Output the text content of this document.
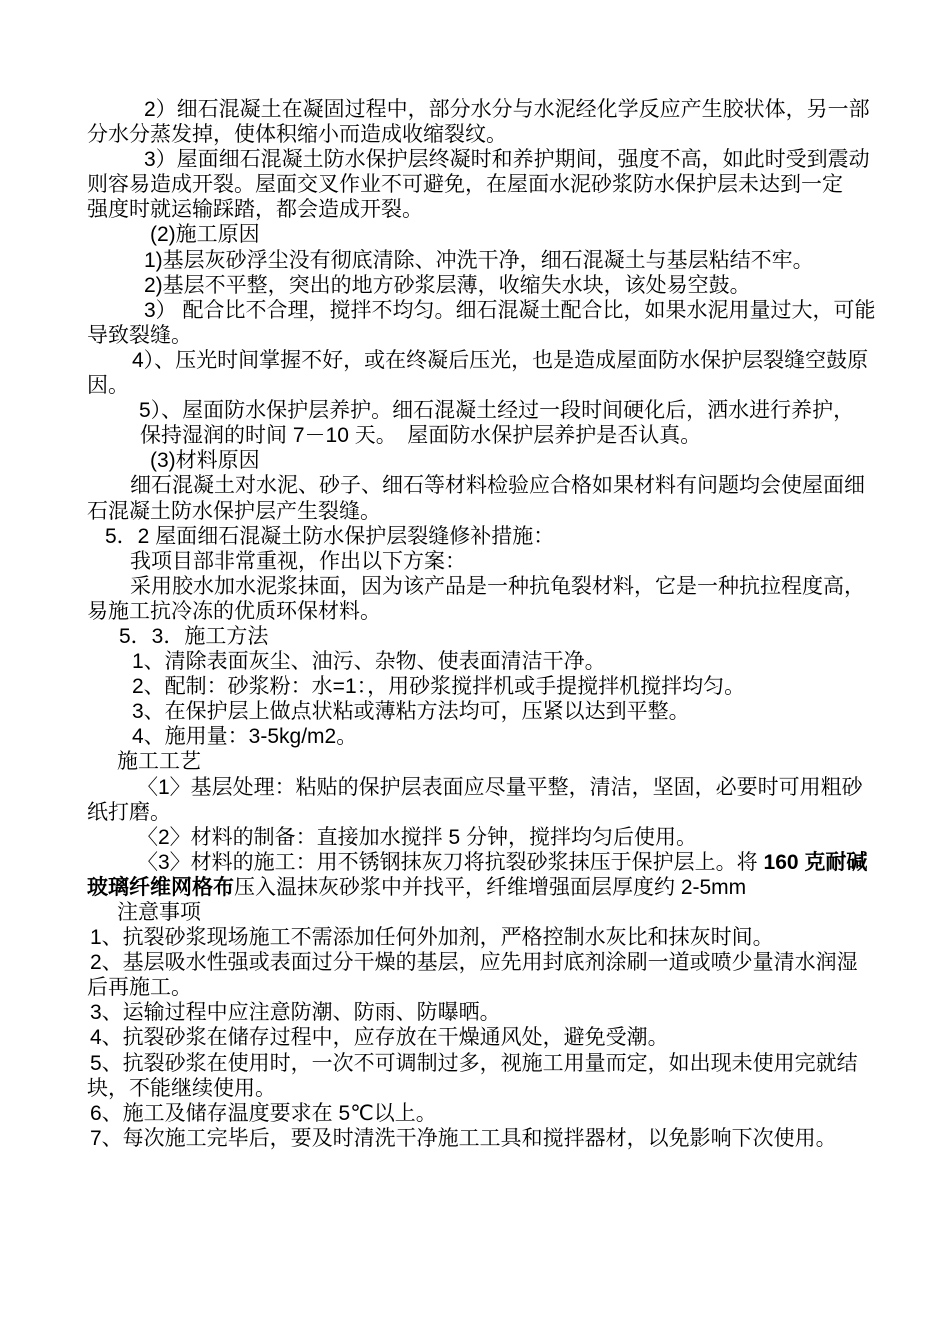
2）细石混凝土在凝固过程中，部分水分与水泥经化学反应产生胶状体，另一部
分水分蒸发掉，使体积缩小而造成收缩裂纹。
3）屋面细石混凝土防水保护层终凝时和养护期间，强度不高，如此时受到震动
则容易造成开裂。屋面交叉作业不可避免，在屋面水泥砂浆防水保护层未达到一定
强度时就运输踩踏，都会造成开裂。
(2)施工原因
1)基层灰砂浮尘没有彻底清除、冲洗干净，细石混凝土与基层粘结不牢。
2)基层不平整，突出的地方砂浆层薄，收缩失水块，该处易空鼓。
3） 配合比不合理，搅拌不均匀。细石混凝土配合比，如果水泥用量过大，可能
导致裂缝。
4）、压光时间掌握不好，或在终凝后压光，也是造成屋面防水保护层裂缝空鼓原
因。
5）、屋面防水保护层养护。细石混凝土经过一段时间硬化后，洒水进行养护，
保持湿润的时间 7－10 天。　屋面防水保护层养护是否认真。
(3)材料原因
细石混凝土对水泥、砂子、细石等材料检验应合格如果材料有问题均会使屋面细
石混凝土防水保护层产生裂缝。
5．2 屋面细石混凝土防水保护层裂缝修补措施：
我项目部非常重视，作出以下方案：
采用胶水加水泥浆抹面，因为该产品是一种抗龟裂材料，它是一种抗拉程度高，
易施工抗冷冻的优质环保材料。
5．3．施工方法
1、清除表面灰尘、油污、杂物、使表面清洁干净。
2、配制：砂浆粉：水=1：，用砂浆搅拌机或手提搅拌机搅拌均匀。
3、在保护层上做点状粘或薄粘方法均可，压紧以达到平整。
4、施用量：3-5kg/m2。
施工工艺
〈1〉基层处理：粘贴的保护层表面应尽量平整，清洁，坚固，必要时可用粗砂
纸打磨。
〈2〉材料的制备：直接加水搅拌 5 分钟，搅拌均匀后使用。
〈3〉材料的施工：用不锈钢抹灰刀将抗裂砂浆抹压于保护层上。将 160 克耐碱
玻璃纤维网格布压入温抹灰砂浆中并找平，纤维增强面层厚度约 2-5mm
注意事项
1、抗裂砂浆现场施工不需添加任何外加剂，严格控制水灰比和抹灰时间。
2、基层吸水性强或表面过分干燥的基层，应先用封底剂涂刷一道或喷少量清水润湿
后再施工。
3、运输过程中应注意防潮、防雨、防曝晒。
4、抗裂砂浆在储存过程中，应存放在干燥通风处，避免受潮。
5、抗裂砂浆在使用时，一次不可调制过多，视施工用量而定，如出现未使用完就结
块，不能继续使用。
6、施工及储存温度要求在 5℃以上。
7、每次施工完毕后，要及时清洗干净施工工具和搅拌器材，以免影响下次使用。
